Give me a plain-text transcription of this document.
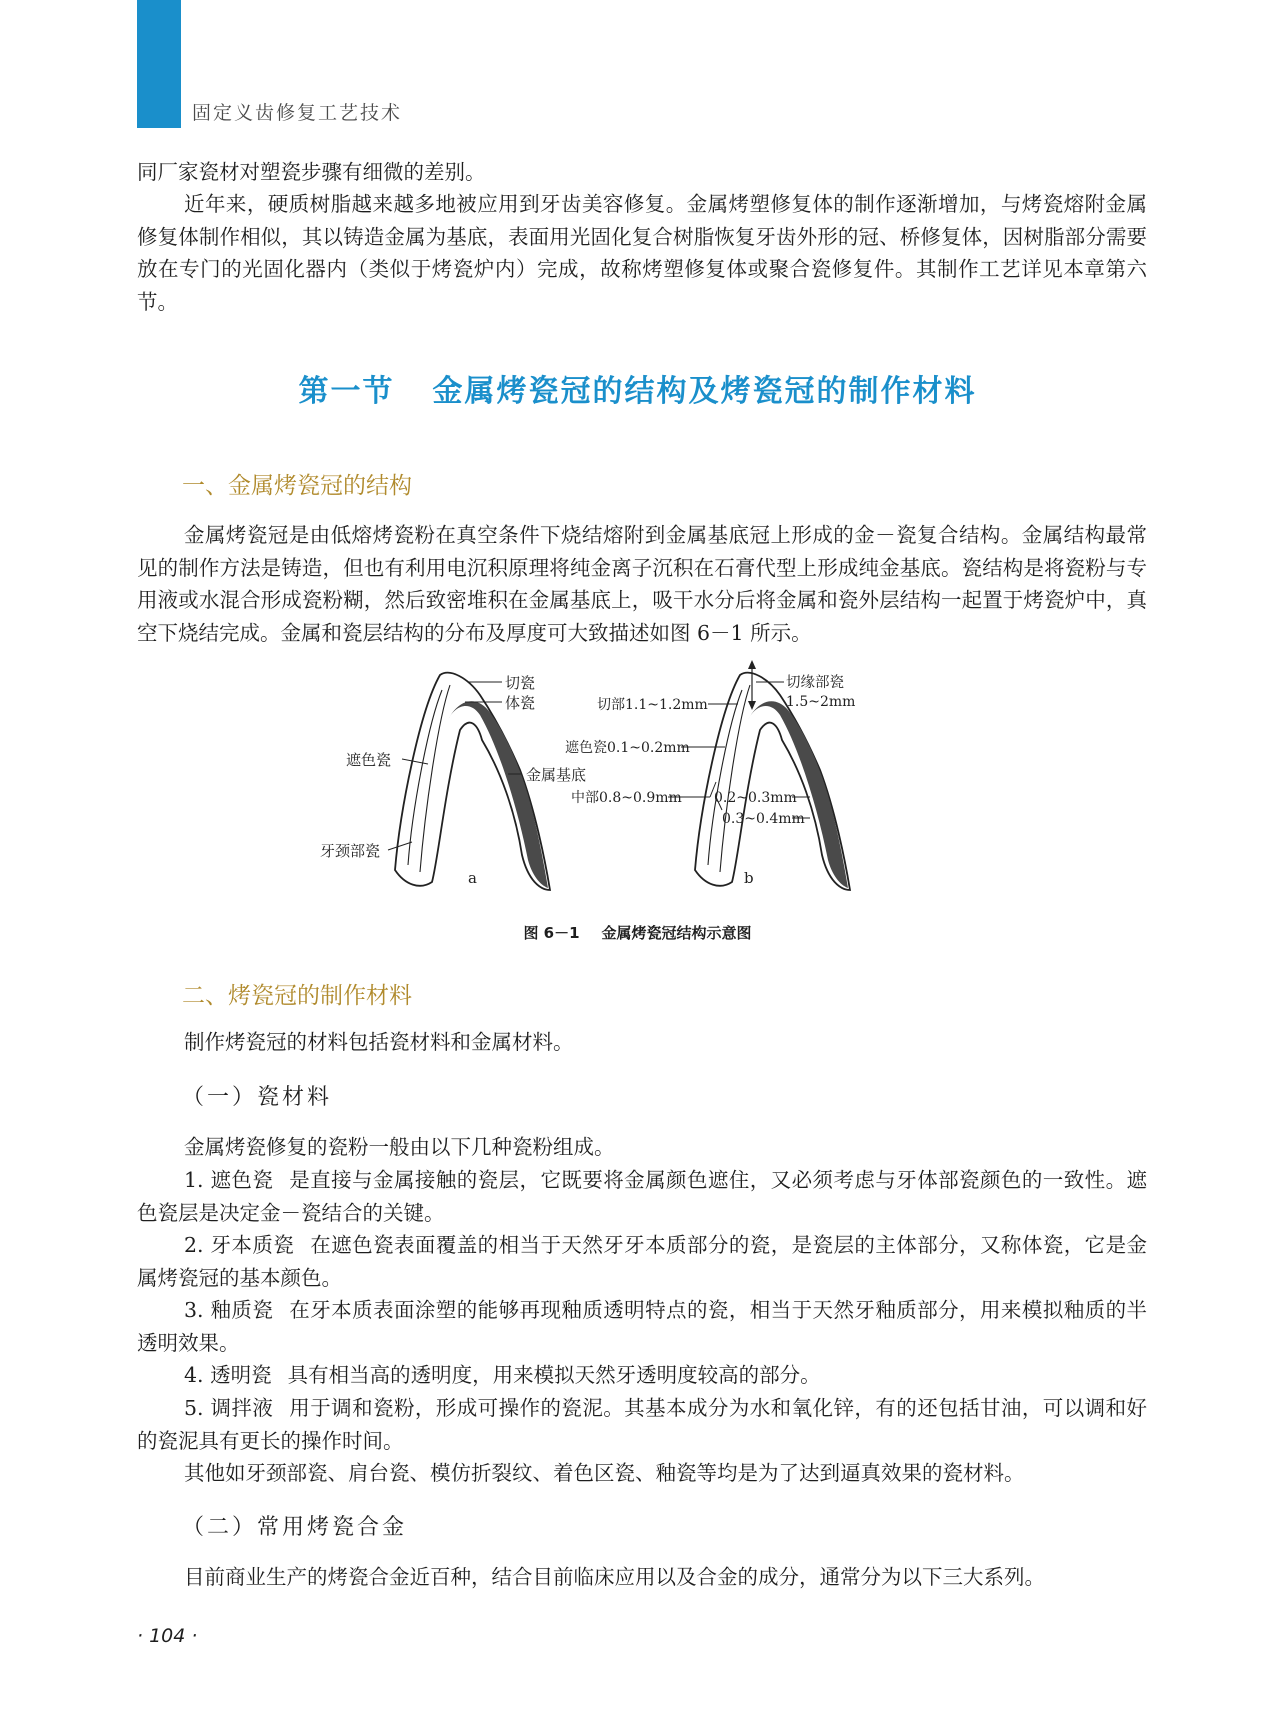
固定义齿修复工艺技术

同厂家瓷材对塑瓷步骤有细微的差别。

近年来，硬质树脂越来越多地被应用到牙齿美容修复。金属烤塑修复体的制作逐渐增加，与烤瓷熔附金属修复体制作相似，其以铸造金属为基底，表面用光固化复合树脂恢复牙齿外形的冠、桥修复体，因树脂部分需要放在专门的光固化器内（类似于烤瓷炉内）完成，故称烤塑修复体或聚合瓷修复件。其制作工艺详见本章第六节。

第一节 金属烤瓷冠的结构及烤瓷冠的制作材料
一、金属烤瓷冠的结构

金属烤瓷冠是由低熔烤瓷粉在真空条件下烧结熔附到金属基底冠上形成的金－瓷复合结构。金属结构最常见的制作方法是铸造，但也有利用电沉积原理将纯金离子沉积在石膏代型上形成纯金基底。瓷结构是将瓷粉与专用液或水混合形成瓷粉糊，然后致密堆积在金属基底上，吸干水分后将金属和瓷外层结构一起置于烤瓷炉中，真空下烧结完成。金属和瓷层结构的分布及厚度可大致描述如图 6－1 所示。

切瓷
体瓷
遮色瓷
金属基底
牙颈部瓷
a
切缘部瓷
1.5~2mm
切部1.1~1.2mm
遮色瓷0.1~0.2mm
中部0.8~0.9mm 0.2~0.3mm
0.3~0.4mm
b
图 6－1 金属烤瓷冠结构示意图
二、烤瓷冠的制作材料

制作烤瓷冠的材料包括瓷材料和金属材料。

（一）瓷材料

金属烤瓷修复的瓷粉一般由以下几种瓷粉组成。

1. 遮色瓷 是直接与金属接触的瓷层，它既要将金属颜色遮住，又必须考虑与牙体部瓷颜色的一致性。遮色瓷层是决定金－瓷结合的关键。

2. 牙本质瓷 在遮色瓷表面覆盖的相当于天然牙牙本质部分的瓷，是瓷层的主体部分，又称体瓷，它是金属烤瓷冠的基本颜色。

3. 釉质瓷 在牙本质表面涂塑的能够再现釉质透明特点的瓷，相当于天然牙釉质部分，用来模拟釉质的半透明效果。

4. 透明瓷 具有相当高的透明度，用来模拟天然牙透明度较高的部分。

5. 调拌液 用于调和瓷粉，形成可操作的瓷泥。其基本成分为水和氧化锌，有的还包括甘油，可以调和好的瓷泥具有更长的操作时间。

其他如牙颈部瓷、肩台瓷、模仿折裂纹、着色区瓷、釉瓷等均是为了达到逼真效果的瓷材料。

（二）常用烤瓷合金

目前商业生产的烤瓷合金近百种，结合目前临床应用以及合金的成分，通常分为以下三大系列。

· 104 ·
